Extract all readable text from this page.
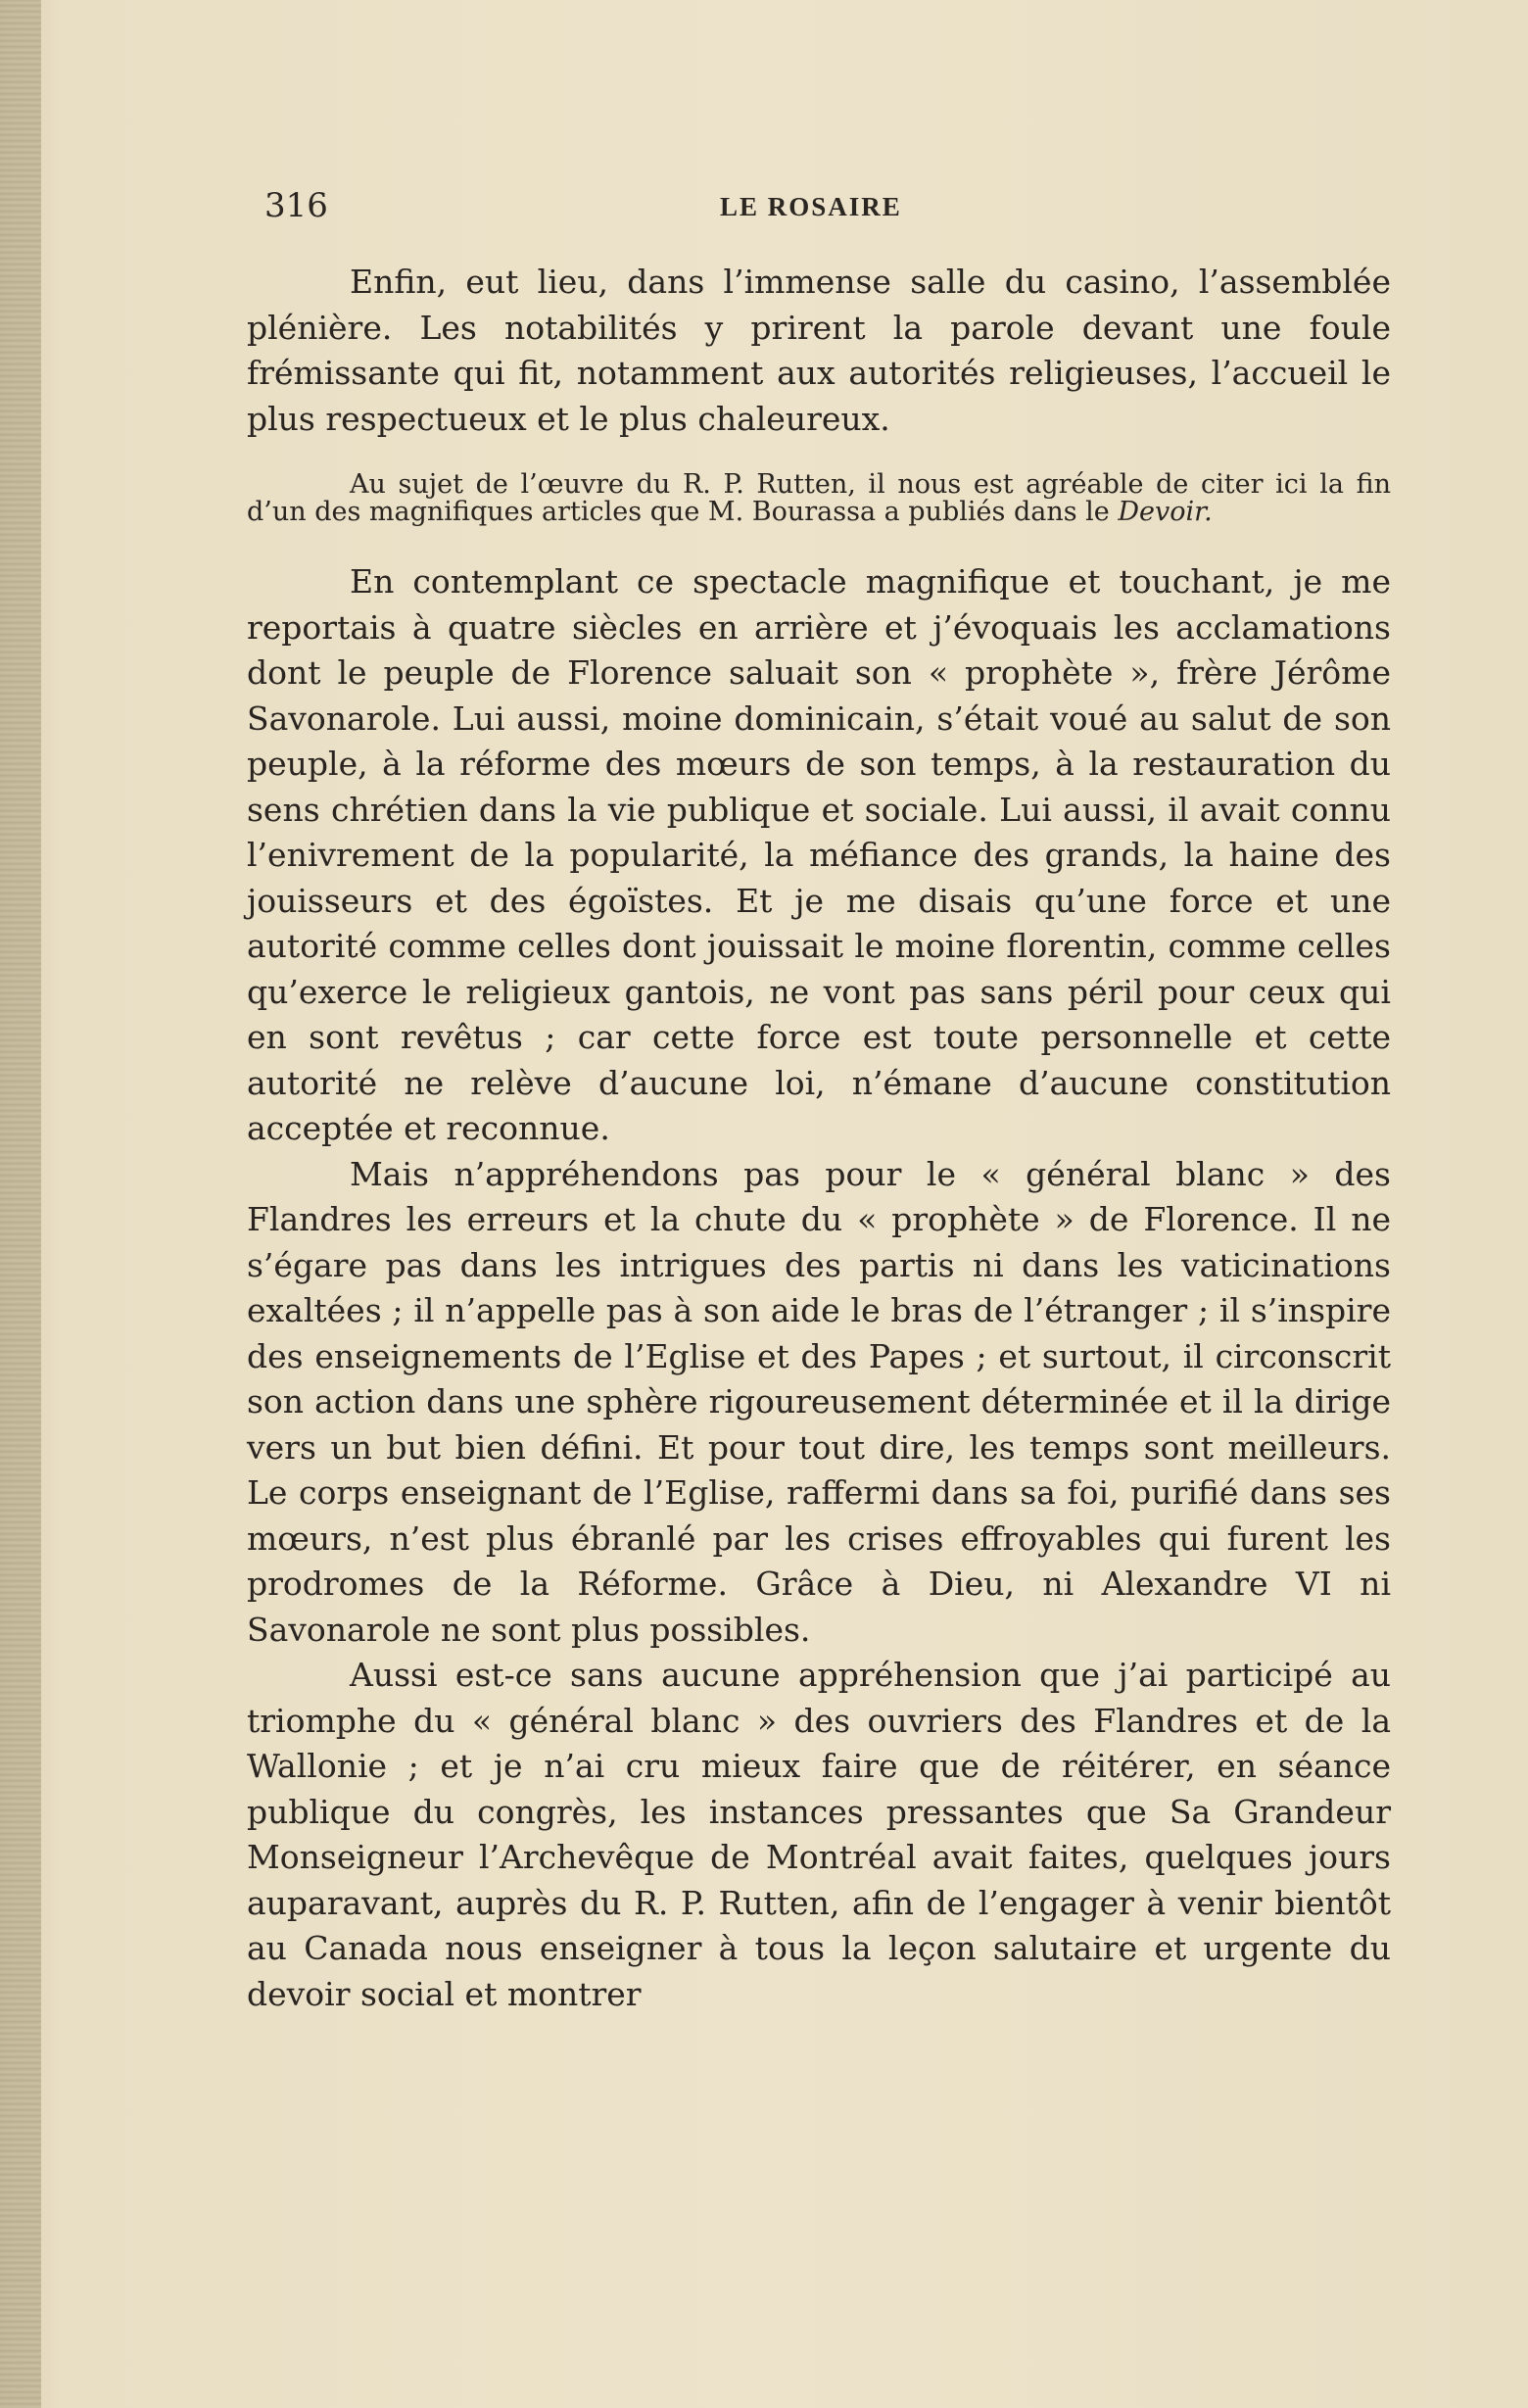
316	LE ROSAIRE

Enfin, eut lieu, dans l’immense salle du casino, l’assemblée plénière. Les notabilités y prirent la parole devant une foule frémissante qui fit, notamment aux autorités religieuses, l’accueil le plus respectueux et le plus chaleureux.

Au sujet de l’œuvre du R. P. Rutten, il nous est agréable de citer ici la fin d’un des magnifiques articles que M. Bourassa a publiés dans le Devoir.

En contemplant ce spectacle magnifique et touchant, je me reportais à quatre siècles en arrière et j’évoquais les acclamations dont le peuple de Florence saluait son « prophète », frère Jérôme Savonarole. Lui aussi, moine dominicain, s’était voué au salut de son peuple, à la réforme des mœurs de son temps, à la restauration du sens chrétien dans la vie publique et sociale. Lui aussi, il avait connu l’enivrement de la popularité, la méfiance des grands, la haine des jouisseurs et des égoïstes. Et je me disais qu’une force et une autorité comme celles dont jouissait le moine florentin, comme celles qu’exerce le religieux gantois, ne vont pas sans péril pour ceux qui en sont revêtus ; car cette force est toute personnelle et cette autorité ne relève d’aucune loi, n’émane d’aucune constitution acceptée et reconnue.

Mais n’appréhendons pas pour le « général blanc » des Flandres les erreurs et la chute du « prophète » de Florence. Il ne s’égare pas dans les intrigues des partis ni dans les vaticinations exaltées ; il n’appelle pas à son aide le bras de l’étranger ; il s’inspire des enseignements de l’Eglise et des Papes ; et surtout, il circonscrit son action dans une sphère rigoureusement déterminée et il la dirige vers un but bien défini. Et pour tout dire, les temps sont meilleurs. Le corps enseignant de l’Eglise, raffermi dans sa foi, purifié dans ses mœurs, n’est plus ébranlé par les crises effroyables qui furent les prodromes de la Réforme. Grâce à Dieu, ni Alexandre VI ni Savonarole ne sont plus possibles.

Aussi est-ce sans aucune appréhension que j’ai participé au triomphe du « général blanc » des ouvriers des Flandres et de la Wallonie ; et je n’ai cru mieux faire que de réitérer, en séance publique du congrès, les instances pressantes que Sa Grandeur Monseigneur l’Archevêque de Montréal avait faites, quelques jours auparavant, auprès du R. P. Rutten, afin de l’engager à venir bientôt au Canada nous enseigner à tous la leçon salutaire et urgente du devoir social et montrer
